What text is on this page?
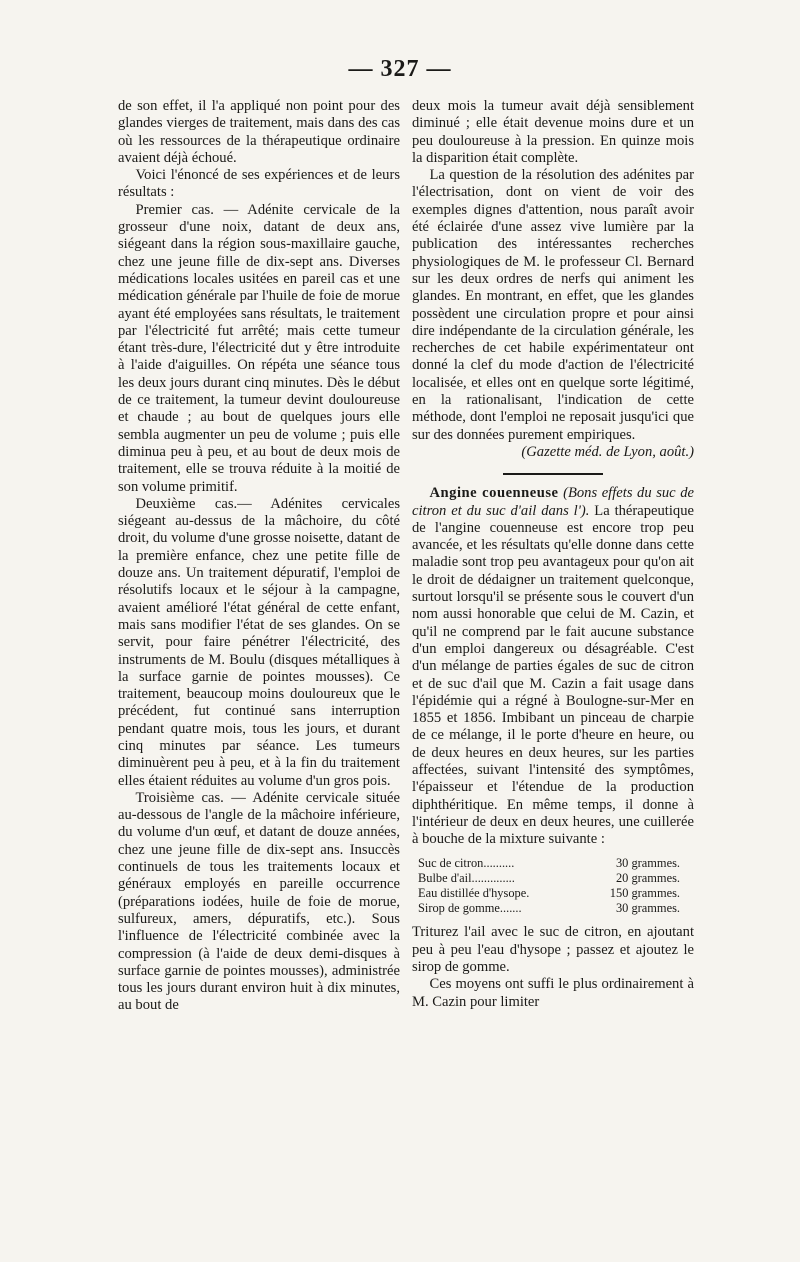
— 327 —

de son effet, il l'a appliqué non point pour des glandes vierges de traitement, mais dans des cas où les ressources de la thérapeutique ordinaire avaient déjà échoué.

Voici l'énoncé de ses expériences et de leurs résultats :

Premier cas. — Adénite cervicale de la grosseur d'une noix, datant de deux ans, siégeant dans la région sous-maxillaire gauche, chez une jeune fille de dix-sept ans. Diverses médications locales usitées en pareil cas et une médication générale par l'huile de foie de morue ayant été employées sans résultats, le traitement par l'électricité fut arrêté; mais cette tumeur étant très-dure, l'électricité dut y être introduite à l'aide d'aiguilles. On répéta une séance tous les deux jours durant cinq minutes. Dès le début de ce traitement, la tumeur devint douloureuse et chaude ; au bout de quelques jours elle sembla augmenter un peu de volume ; puis elle diminua peu à peu, et au bout de deux mois de traitement, elle se trouva réduite à la moitié de son volume primitif.

Deuxième cas.— Adénites cervicales siégeant au-dessus de la mâchoire, du côté droit, du volume d'une grosse noisette, datant de la première enfance, chez une petite fille de douze ans. Un traitement dépuratif, l'emploi de résolutifs locaux et le séjour à la campagne, avaient amélioré l'état général de cette enfant, mais sans modifier l'état de ses glandes. On se servit, pour faire pénétrer l'électricité, des instruments de M. Boulu (disques métalliques à la surface garnie de pointes mousses). Ce traitement, beaucoup moins douloureux que le précédent, fut continué sans interruption pendant quatre mois, tous les jours, et durant cinq minutes par séance. Les tumeurs diminuèrent peu à peu, et à la fin du traitement elles étaient réduites au volume d'un gros pois.

Troisième cas. — Adénite cervicale située au-dessous de l'angle de la mâchoire inférieure, du volume d'un œuf, et datant de douze années, chez une jeune fille de dix-sept ans. Insuccès continuels de tous les traitements locaux et généraux employés en pareille occurrence (préparations iodées, huile de foie de morue, sulfureux, amers, dépuratifs, etc.). Sous l'influence de l'électricité combinée avec la compression (à l'aide de deux demi-disques à surface garnie de pointes mousses), administrée tous les jours durant environ huit à dix minutes, au bout de

deux mois la tumeur avait déjà sensiblement diminué ; elle était devenue moins dure et un peu douloureuse à la pression. En quinze mois la disparition était complète.

La question de la résolution des adénites par l'électrisation, dont on vient de voir des exemples dignes d'attention, nous paraît avoir été éclairée d'une assez vive lumière par la publication des intéressantes recherches physiologiques de M. le professeur Cl. Bernard sur les deux ordres de nerfs qui animent les glandes. En montrant, en effet, que les glandes possèdent une circulation propre et pour ainsi dire indépendante de la circulation générale, les recherches de cet habile expérimentateur ont donné la clef du mode d'action de l'électricité localisée, et elles ont en quelque sorte légitimé, en la rationalisant, l'indication de cette méthode, dont l'emploi ne reposait jusqu'ici que sur des données purement empiriques.

(Gazette méd. de Lyon, août.)

Angine couenneuse (Bons effets du suc de citron et du suc d'ail dans l'). La thérapeutique de l'angine couenneuse est encore trop peu avancée, et les résultats qu'elle donne dans cette maladie sont trop peu avantageux pour qu'on ait le droit de dédaigner un traitement quelconque, surtout lorsqu'il se présente sous le couvert d'un nom aussi honorable que celui de M. Cazin, et qu'il ne comprend par le fait aucune substance d'un emploi dangereux ou désagréable. C'est d'un mélange de parties égales de suc de citron et de suc d'ail que M. Cazin a fait usage dans l'épidémie qui a régné à Boulogne-sur-Mer en 1855 et 1856. Imbibant un pinceau de charpie de ce mélange, il le porte d'heure en heure, ou de deux heures en deux heures, sur les parties affectées, suivant l'intensité des symptômes, l'épaisseur et l'étendue de la production diphthéritique. En même temps, il donne à l'intérieur de deux en deux heures, une cuillerée à bouche de la mixture suivante :

Suc de citron..........	30 grammes.
Bulbe d'ail..............	20 grammes.
Eau distillée d'hysope.	150 grammes.
Sirop de gomme.......	30 grammes.

Triturez l'ail avec le suc de citron, en ajoutant peu à peu l'eau d'hysope ; passez et ajoutez le sirop de gomme.

Ces moyens ont suffi le plus ordinairement à M. Cazin pour limiter
